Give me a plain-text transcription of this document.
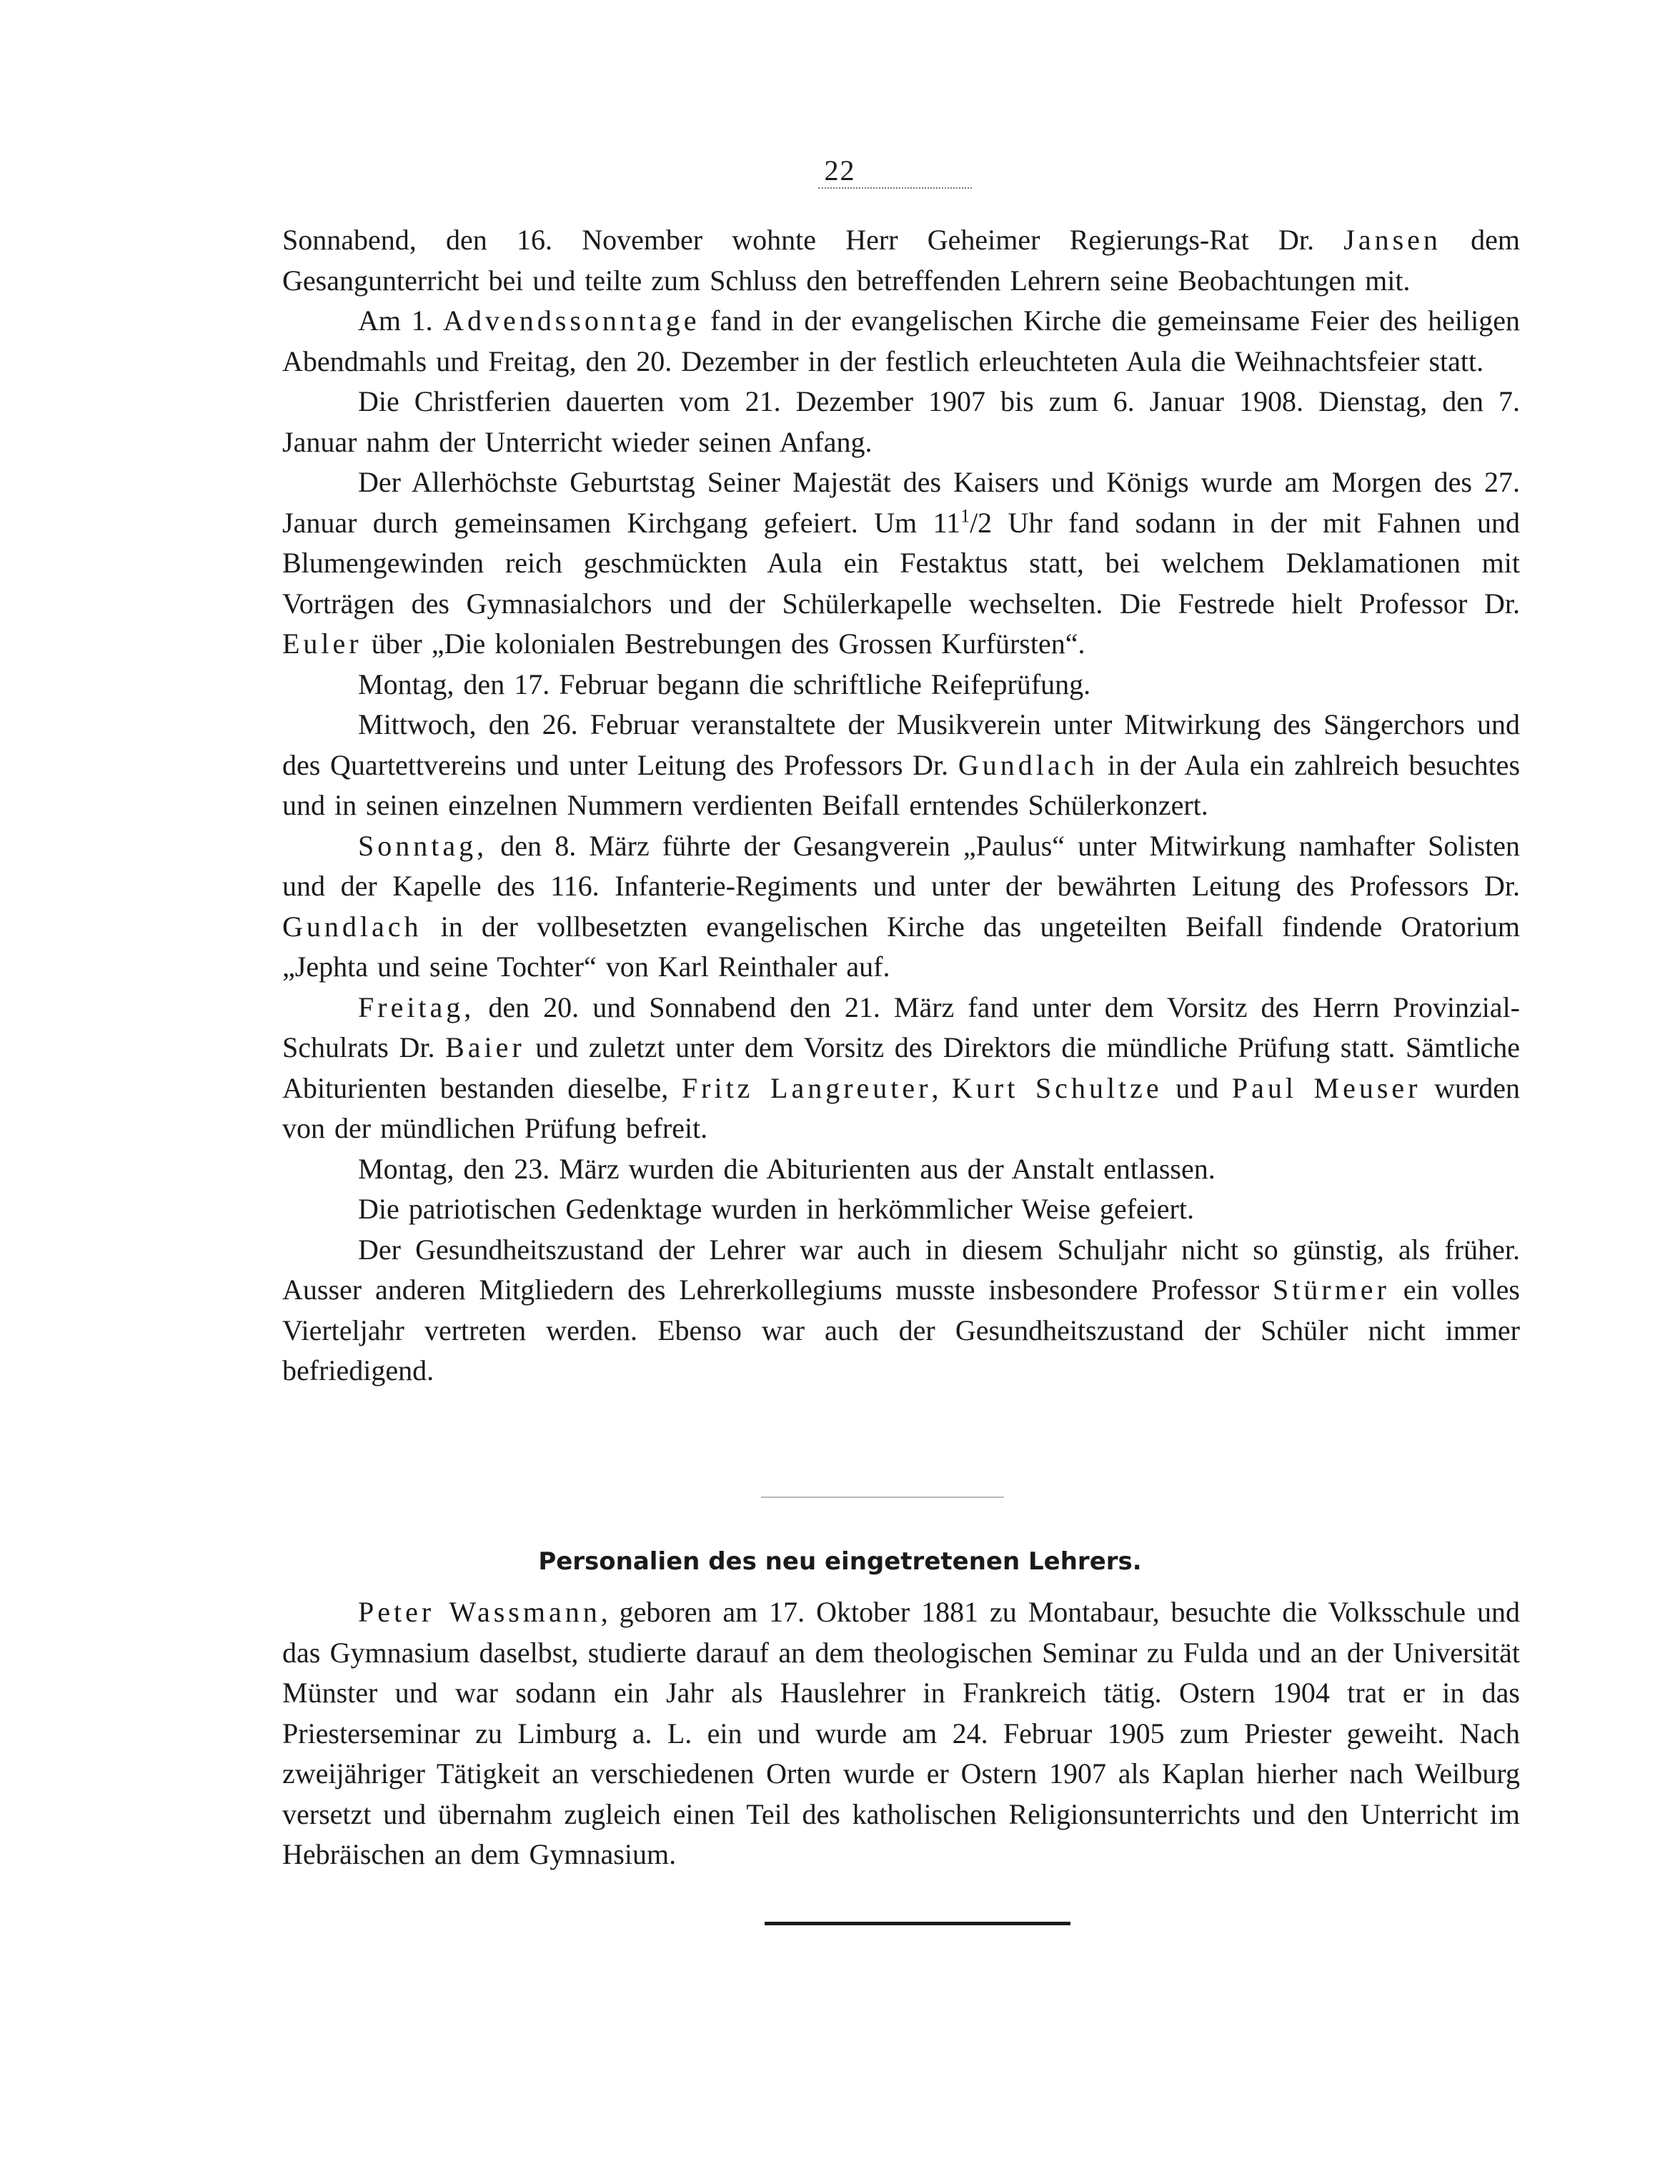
22

Sonnabend, den 16. November wohnte Herr Geheimer Regierungs-Rat Dr. Jansen dem Gesangunterricht bei und teilte zum Schluss den betreffenden Lehrern seine Beobachtungen mit.

Am 1. Advendssonntage fand in der evangelischen Kirche die gemeinsame Feier des heiligen Abendmahls und Freitag, den 20. Dezember in der festlich erleuchteten Aula die Weihnachtsfeier statt.

Die Christferien dauerten vom 21. Dezember 1907 bis zum 6. Januar 1908. Dienstag, den 7. Januar nahm der Unterricht wieder seinen Anfang.

Der Allerhöchste Geburtstag Seiner Majestät des Kaisers und Königs wurde am Morgen des 27. Januar durch gemeinsamen Kirchgang gefeiert. Um $11^1/2$ Uhr fand sodann in der mit Fahnen und Blumengewinden reich geschmückten Aula ein Festaktus statt, bei welchem Deklamationen mit Vorträgen des Gymnasialchors und der Schülerkapelle wechselten. Die Festrede hielt Professor Dr. Euler über „Die kolonialen Bestrebungen des Grossen Kurfürsten“.

Montag, den 17. Februar begann die schriftliche Reifeprüfung.

Mittwoch, den 26. Februar veranstaltete der Musikverein unter Mitwirkung des Sängerchors und des Quartettvereins und unter Leitung des Professors Dr. Gundlach in der Aula ein zahlreich besuchtes und in seinen einzelnen Nummern verdienten Beifall erntendes Schülerkonzert.

Sonntag, den 8. März führte der Gesangverein „Paulus“ unter Mitwirkung namhafter Solisten und der Kapelle des 116. Infanterie-Regiments und unter der bewährten Leitung des Professors Dr. Gundlach in der vollbesetzten evangelischen Kirche das ungeteilten Beifall findende Oratorium „Jephta und seine Tochter“ von Karl Reinthaler auf.

Freitag, den 20. und Sonnabend den 21. März fand unter dem Vorsitz des Herrn Provinzial-Schulrats Dr. Baier und zuletzt unter dem Vorsitz des Direktors die mündliche Prüfung statt. Sämtliche Abiturienten bestanden dieselbe, Fritz Langreuter, Kurt Schultze und Paul Meuser wurden von der mündlichen Prüfung befreit.

Montag, den 23. März wurden die Abiturienten aus der Anstalt entlassen.

Die patriotischen Gedenktage wurden in herkömmlicher Weise gefeiert.

Der Gesundheitszustand der Lehrer war auch in diesem Schuljahr nicht so günstig, als früher. Ausser anderen Mitgliedern des Lehrerkollegiums musste insbesondere Professor Stürmer ein volles Vierteljahr vertreten werden. Ebenso war auch der Gesundheitszustand der Schüler nicht immer befriedigend.

Personalien des neu eingetretenen Lehrers.

Peter Wassmann, geboren am 17. Oktober 1881 zu Montabaur, besuchte die Volksschule und das Gymnasium daselbst, studierte darauf an dem theologischen Seminar zu Fulda und an der Universität Münster und war sodann ein Jahr als Hauslehrer in Frankreich tätig. Ostern 1904 trat er in das Priesterseminar zu Limburg a. L. ein und wurde am 24. Februar 1905 zum Priester geweiht. Nach zweijähriger Tätigkeit an verschiedenen Orten wurde er Ostern 1907 als Kaplan hierher nach Weilburg versetzt und übernahm zugleich einen Teil des katholischen Religionsunterrichts und den Unterricht im Hebräischen an dem Gymnasium.
